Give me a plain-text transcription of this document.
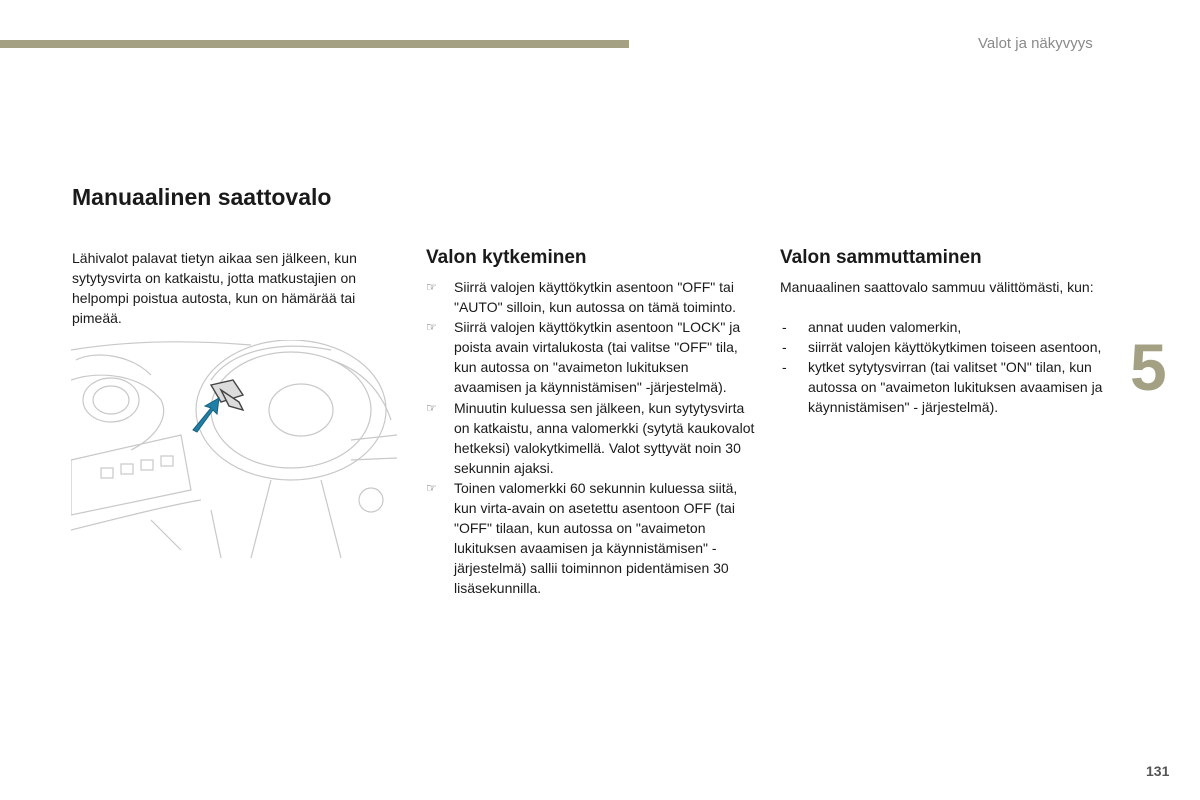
Valot ja näkyvyys
Manuaalinen saattovalo

Lähivalot palavat tietyn aikaa sen jälkeen, kun sytytysvirta on katkaistu, jotta matkustajien on helpompi poistua autosta, kun on hämärää tai pimeää.

Valon kytkeminen
☞ Siirrä valojen käyttökytkin asentoon "OFF" tai "AUTO" silloin, kun autossa on tämä toiminto.
☞ Siirrä valojen käyttökytkin asentoon "LOCK" ja poista avain virtalukosta (tai valitse "OFF" tila, kun autossa on "avaimeton lukituksen avaamisen ja käynnistämisen" -järjestelmä).
☞ Minuutin kuluessa sen jälkeen, kun sytytysvirta on katkaistu, anna valomerkki (sytytä kaukovalot hetkeksi) valokytkimellä. Valot syttyvät noin 30 sekunnin ajaksi.
☞ Toinen valomerkki 60 sekunnin kuluessa siitä, kun virta-avain on asetettu asentoon OFF (tai "OFF" tilaan, kun autossa on "avaimeton lukituksen avaamisen ja käynnistämisen" -järjestelmä) sallii toiminnon pidentämisen 30 lisäsekunnilla.
Valon sammuttaminen

Manuaalinen saattovalo sammuu välittömästi, kun:

- annat uuden valomerkin,
- siirrät valojen käyttökytkimen toiseen asentoon,
- kytket sytytysvirran (tai valitset "ON" tilan, kun autossa on "avaimeton lukituksen avaamisen ja käynnistämisen" - järjestelmä).
5
131
